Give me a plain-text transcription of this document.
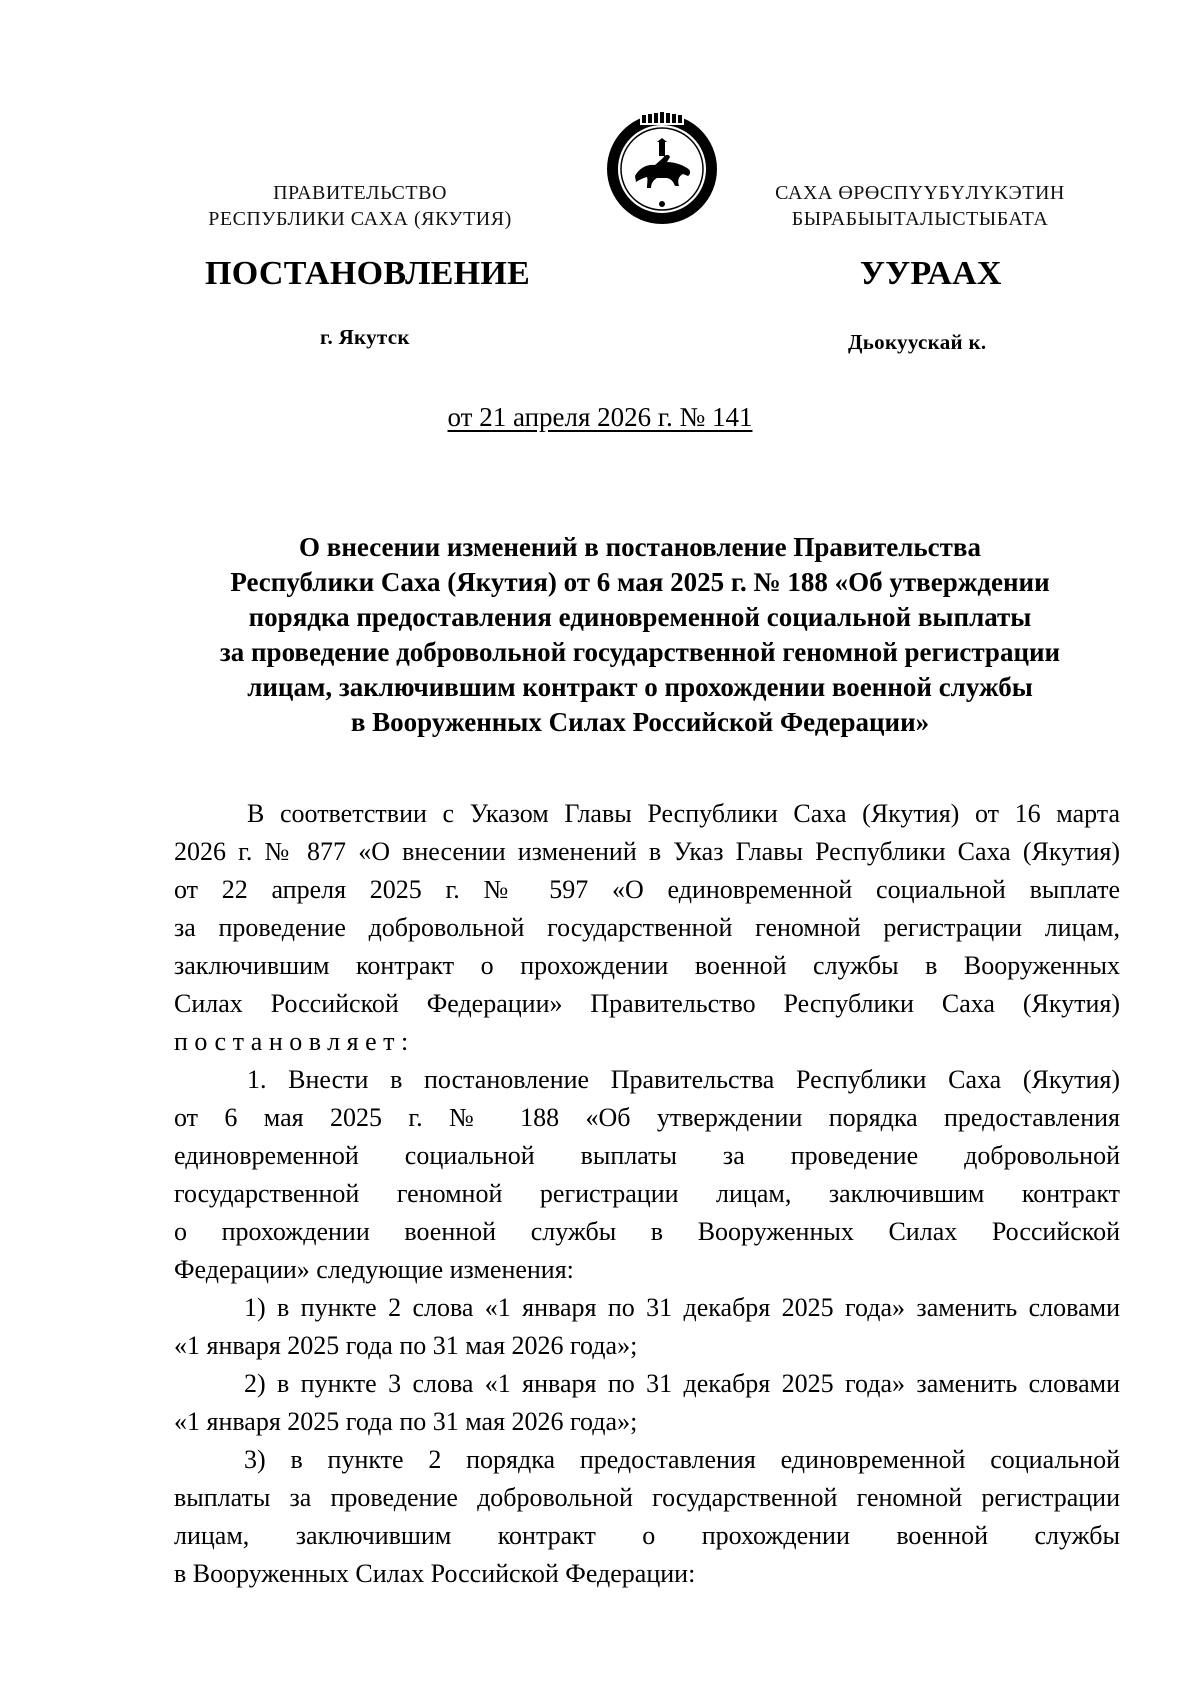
ПРАВИТЕЛЬСТВО
РЕСПУБЛИКИ САХА (ЯКУТИЯ)
САХА ӨРӨСПҮҮБҮЛҮКЭТИН
БЫРАБЫЫТАЛЫСТЫБАТА
ПОСТАНОВЛЕНИЕ	УУРААХ
г. Якутск	Дьокуускай к.
от 21 апреля 2026 г. № 141
О внесении изменений в постановление Правительства
Республики Саха (Якутия) от 6 мая 2025 г. № 188 «Об утверждении
порядка предоставления единовременной социальной выплаты
за проведение добровольной государственной геномной регистрации
лицам, заключившим контракт о прохождении военной службы
в Вооруженных Силах Российской Федерации»
В соответствии с Указом Главы Республики Саха (Якутия) от 16 марта
2026 г. № 877 «О внесении изменений в Указ Главы Республики Саха (Якутия)
от 22 апреля 2025 г. № 597 «О единовременной социальной выплате
за проведение добровольной государственной геномной регистрации лицам,
заключившим контракт о прохождении военной службы в Вооруженных
Силах Российской Федерации» Правительство Республики Саха (Якутия)
постановляет:
1. Внести в постановление Правительства Республики Саха (Якутия)
от 6 мая 2025 г. № 188 «Об утверждении порядка предоставления
единовременной социальной выплаты за проведение добровольной
государственной геномной регистрации лицам, заключившим контракт
о прохождении военной службы в Вооруженных Силах Российской
Федерации» следующие изменения:
1) в пункте 2 слова «1 января по 31 декабря 2025 года» заменить словами
«1 января 2025 года по 31 мая 2026 года»;
2) в пункте 3 слова «1 января по 31 декабря 2025 года» заменить словами
«1 января 2025 года по 31 мая 2026 года»;
3) в пункте 2 порядка предоставления единовременной социальной
выплаты за проведение добровольной государственной геномной регистрации
лицам, заключившим контракт о прохождении военной службы
в Вооруженных Силах Российской Федерации:
